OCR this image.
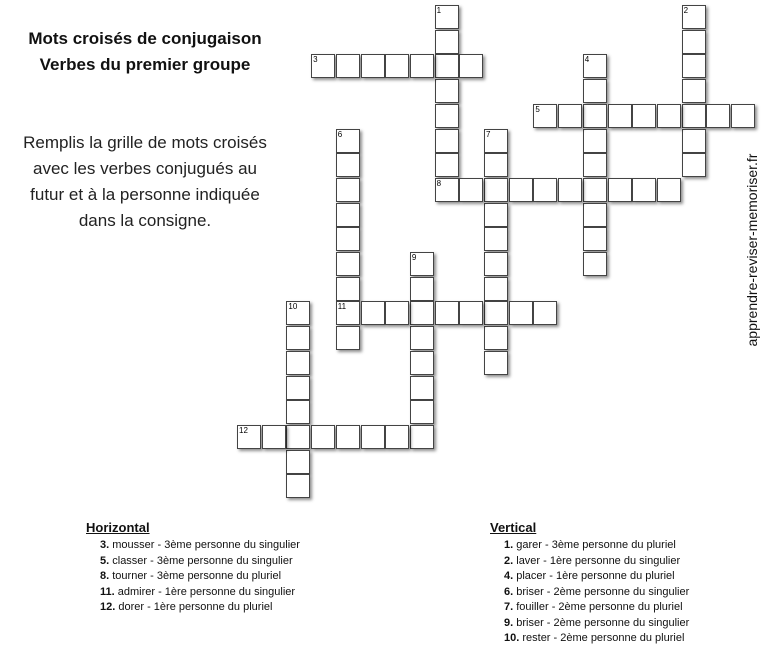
Mots croisés de conjugaison
Verbes du premier groupe
Remplis la grille de mots croisés
avec les verbes conjugués au
futur et à la personne indiquée
dans la consigne.
1
8
2
3	4
5
6
11
7
9
10
12
apprendre-reviser-memoriser.fr
Horizontal
3. mousser - 3ème personne du singulier
5. classer - 3ème personne du singulier
8. tourner - 3ème personne du pluriel
11. admirer - 1ère personne du singulier
12. dorer - 1ère personne du pluriel
Vertical
1. garer - 3ème personne du pluriel
2. laver - 1ère personne du singulier
4. placer - 1ère personne du pluriel
6. briser - 2ème personne du singulier
7. fouiller - 2ème personne du pluriel
9. briser - 2ème personne du singulier
10. rester - 2ème personne du pluriel
